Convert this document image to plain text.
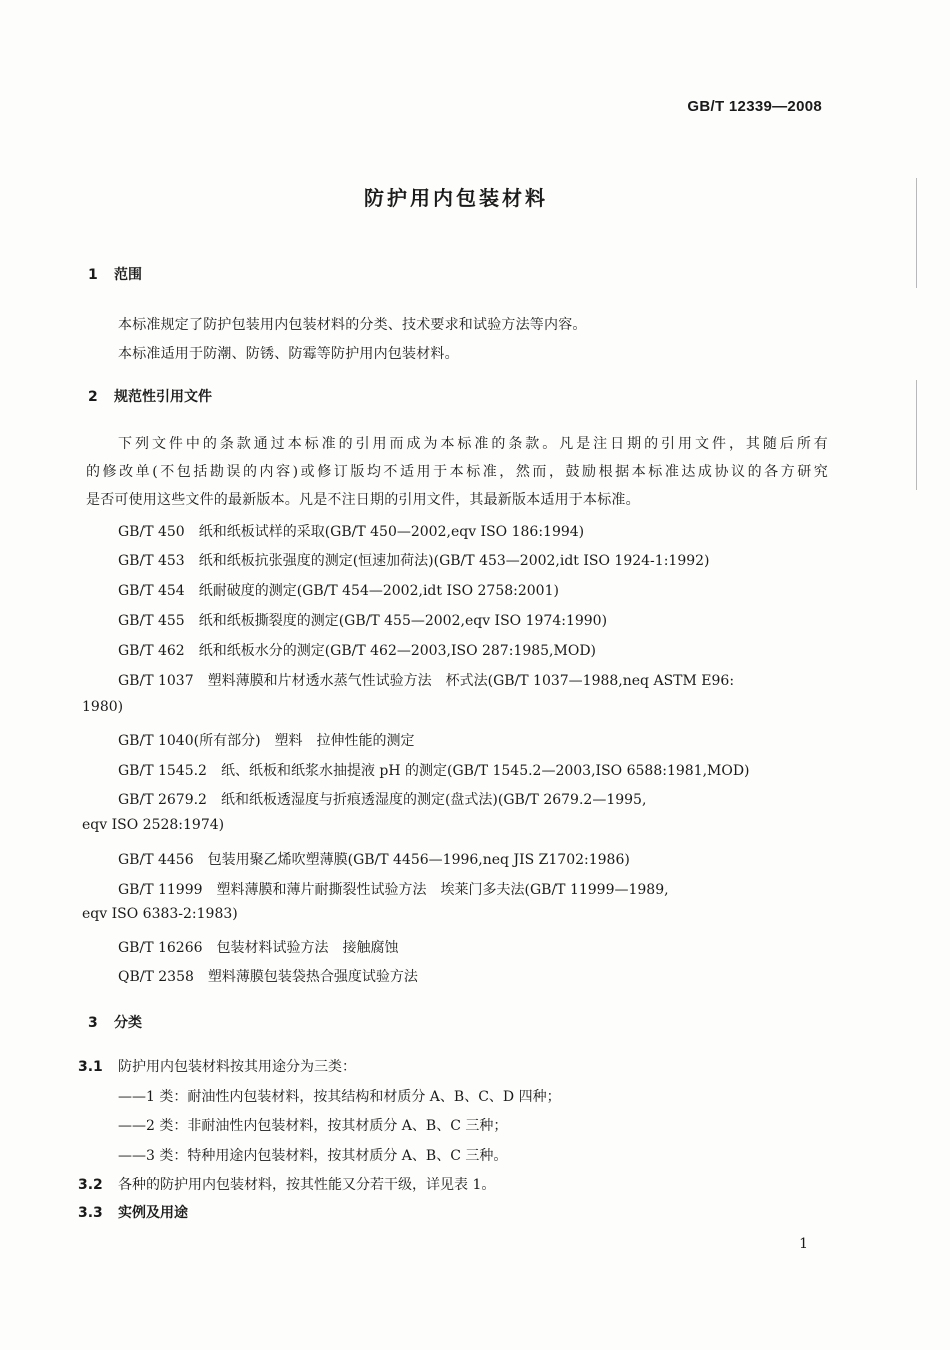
GB/T 12339—2008
防护用内包装材料
1 范围
本标准规定了防护包装用内包装材料的分类、技术要求和试验方法等内容。
本标准适用于防潮、防锈、防霉等防护用内包装材料。
2 规范性引用文件
下列文件中的条款通过本标准的引用而成为本标准的条款。凡是注日期的引用文件，其随后所有
的修改单(不包括勘误的内容)或修订版均不适用于本标准，然而，鼓励根据本标准达成协议的各方研究
是否可使用这些文件的最新版本。凡是不注日期的引用文件，其最新版本适用于本标准。
GB/T 450 纸和纸板试样的采取(GB/T 450—2002,eqv ISO 186:1994)
GB/T 453 纸和纸板抗张强度的测定(恒速加荷法)(GB/T 453—2002,idt ISO 1924-1:1992)
GB/T 454 纸耐破度的测定(GB/T 454—2002,idt ISO 2758:2001)
GB/T 455 纸和纸板撕裂度的测定(GB/T 455—2002,eqv ISO 1974:1990)
GB/T 462 纸和纸板水分的测定(GB/T 462—2003,ISO 287:1985,MOD)
GB/T 1037 塑料薄膜和片材透水蒸气性试验方法　杯式法(GB/T 1037—1988,neq ASTM E96:
1980)
GB/T 1040(所有部分) 塑料　拉伸性能的测定
GB/T 1545.2 纸、纸板和纸浆水抽提液 pH 的测定(GB/T 1545.2—2003,ISO 6588:1981,MOD)
GB/T 2679.2 纸和纸板透湿度与折痕透湿度的测定(盘式法)(GB/T 2679.2—1995,
eqv ISO 2528:1974)
GB/T 4456 包装用聚乙烯吹塑薄膜(GB/T 4456—1996,neq JIS Z1702:1986)
GB/T 11999 塑料薄膜和薄片耐撕裂性试验方法　埃莱门多夫法(GB/T 11999—1989,
eqv ISO 6383-2:1983)
GB/T 16266 包装材料试验方法　接触腐蚀
QB/T 2358 塑料薄膜包装袋热合强度试验方法
3 分类
3.1 防护用内包装材料按其用途分为三类：
——1 类：耐油性内包装材料，按其结构和材质分 A、B、C、D 四种；
——2 类：非耐油性内包装材料，按其材质分 A、B、C 三种；
——3 类：特种用途内包装材料，按其材质分 A、B、C 三种。
3.2 各种的防护用内包装材料，按其性能又分若干级，详见表 1。
3.3 实例及用途
1
